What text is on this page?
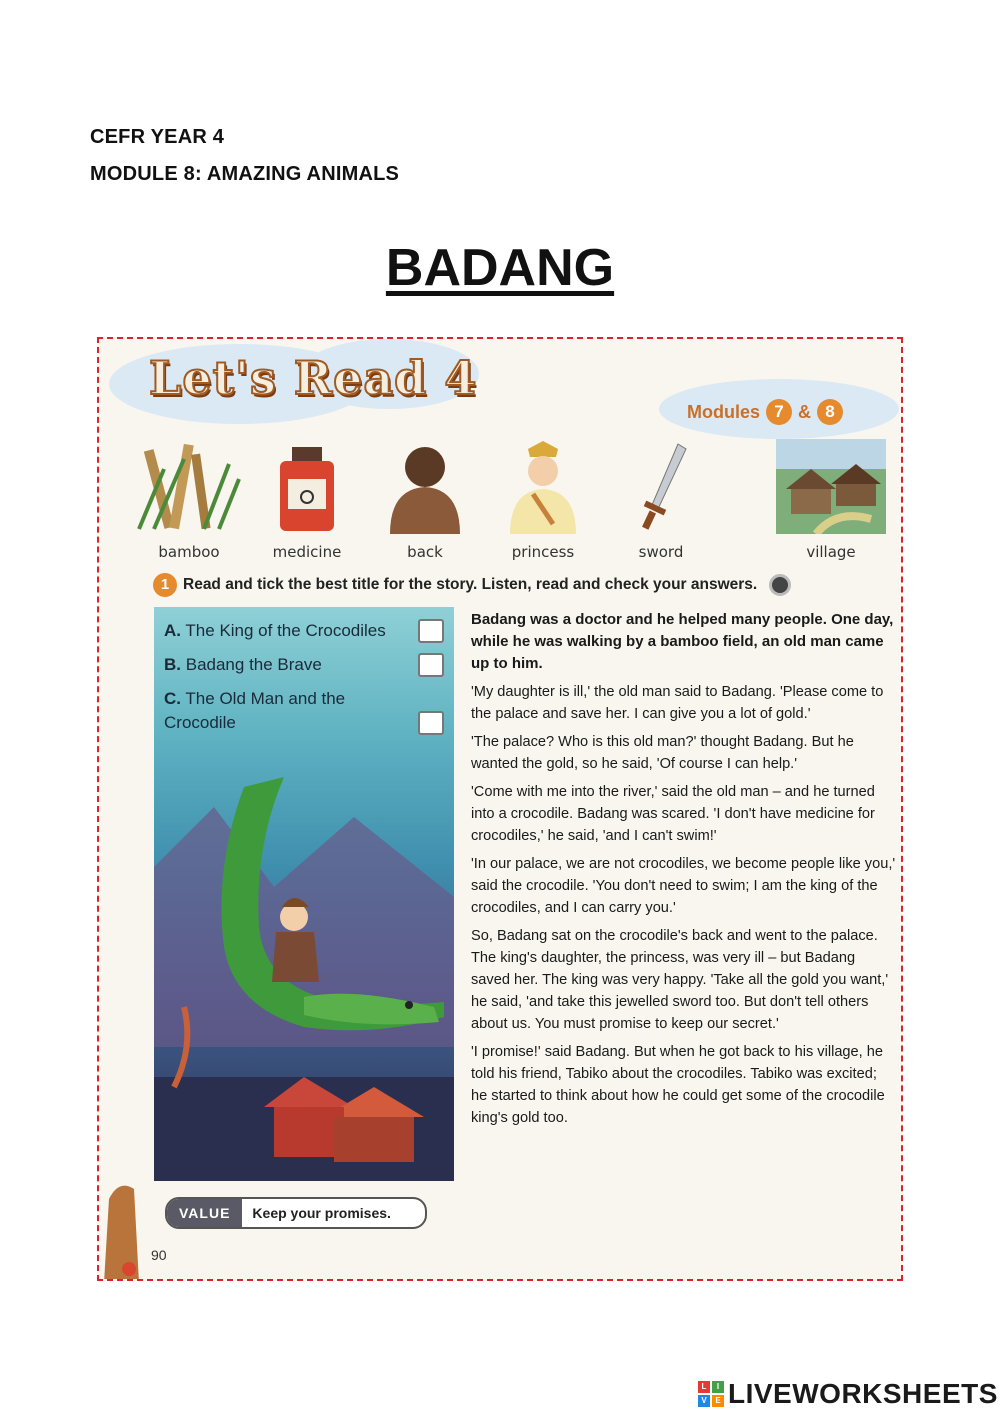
CEFR YEAR 4
MODULE 8: AMAZING ANIMALS
BADANG
Let's Read 4
Modules 7 & 8
bamboo	medicine	back	princess	sword	village
1 Read and tick the best title for the story. Listen, read and check your answers.
A. The King of the Crocodiles
B. Badang the Brave
C. The Old Man and the Crocodile

Badang was a doctor and he helped many people. One day, while he was walking by a bamboo field, an old man came up to him.

'My daughter is ill,' the old man said to Badang. 'Please come to the palace and save her. I can give you a lot of gold.'

'The palace? Who is this old man?' thought Badang. But he wanted the gold, so he said, 'Of course I can help.'

'Come with me into the river,' said the old man – and he turned into a crocodile. Badang was scared. 'I don't have medicine for crocodiles,' he said, 'and I can't swim!'

'In our palace, we are not crocodiles, we become people like you,' said the crocodile. 'You don't need to swim; I am the king of the crocodiles, and I can carry you.'

So, Badang sat on the crocodile's back and went to the palace. The king's daughter, the princess, was very ill – but Badang saved her. The king was very happy. 'Take all the gold you want,' he said, 'and take this jewelled sword too. But don't tell others about us. You must promise to keep our secret.'

'I promise!' said Badang. But when he got back to his village, he told his friend, Tabiko about the crocodiles. Tabiko was excited; he started to think about how he could get some of the crocodile king's gold too.

VALUE	Keep your promises.
90
L	I
V	E LIVEWORKSHEETS
